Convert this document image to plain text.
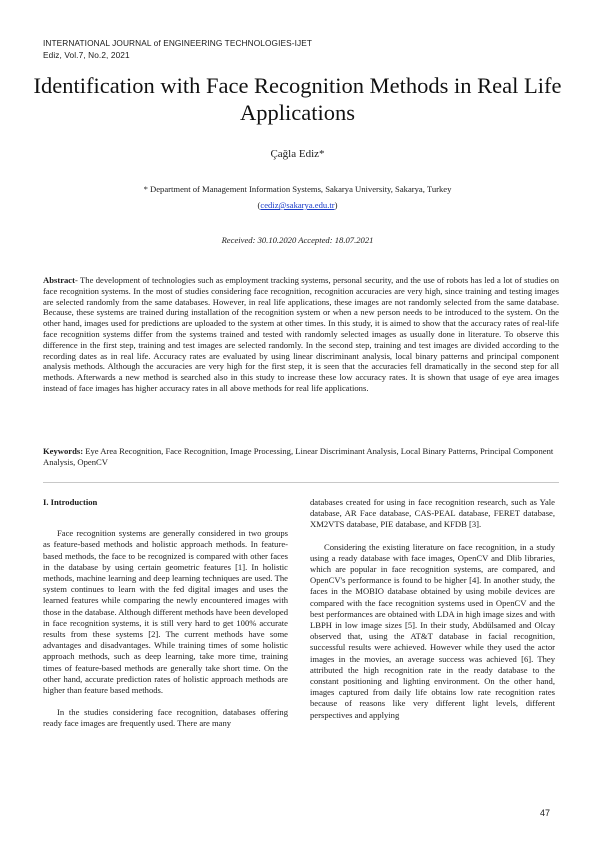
INTERNATIONAL JOURNAL of ENGINEERING TECHNOLOGIES-IJET
Ediz, Vol.7, No.2, 2021
Identification with Face Recognition Methods in Real Life Applications
Çağla Ediz*
* Department of Management Information Systems, Sakarya University, Sakarya, Turkey
(cediz@sakarya.edu.tr)
Received: 30.10.2020 Accepted: 18.07.2021

Abstract- The development of technologies such as employment tracking systems, personal security, and the use of robots has led a lot of studies on face recognition systems. In the most of studies considering face recognition, recognition accuracies are very high, since training and testing images are selected randomly from the same databases. However, in real life applications, these images are not randomly selected from the same database. Because, these systems are trained during installation of the recognition system or when a new person needs to be introduced to the system. On the other hand, images used for predictions are uploaded to the system at other times. In this study, it is aimed to show that the accuracy rates of real-life face recognition systems differ from the systems trained and tested with randomly selected images as usually done in literature. To observe this difference in the first step, training and test images are selected randomly. In the second step, training and test images are divided according to the recording dates as in real life. Accuracy rates are evaluated by using linear discriminant analysis, local binary patterns and principal component analysis methods. Although the accuracies are very high for the first step, it is seen that the accuracies fell dramatically in the second step for all methods. Afterwards a new method is searched also in this study to increase these low accuracy rates. It is shown that usage of eye area images instead of face images has higher accuracy rates in all above methods for real life applications.

Keywords: Eye Area Recognition, Face Recognition, Image Processing, Linear Discriminant Analysis, Local Binary Patterns, Principal Component Analysis, OpenCV

I. Introduction

Face recognition systems are generally considered in two groups as feature-based methods and holistic approach methods. In feature-based methods, the face to be recognized is compared with other faces in the database by using certain geometric features [1]. In holistic methods, machine learning and deep learning techniques are used. The system continues to learn with the fed digital images and uses the learned features while comparing the newly encountered images with those in the database. Although different methods have been developed in face recognition systems, it is still very hard to get 100% accurate results from these systems [2]. The current methods have some advantages and disadvantages. While training times of some holistic approach methods, such as deep learning, take more time, training times of feature-based methods are generally take short time. On the other hand, accurate prediction rates of holistic approach methods are higher than feature based methods.

In the studies considering face recognition, databases offering ready face images are frequently used. There are many

databases created for using in face recognition research, such as Yale database, AR Face database, CAS-PEAL database, FERET database, XM2VTS database, PIE database, and KFDB [3].

Considering the existing literature on face recognition, in a study using a ready database with face images, OpenCV and Dlib libraries, which are popular in face recognition systems, are compared, and OpenCV's performance is found to be higher [4]. In another study, the faces in the MOBIO database obtained by using mobile devices are compared with the face recognition systems used in OpenCV and the best performances are obtained with LDA in high image sizes and with LBPH in low image sizes [5]. In their study, Abdülsamed and Olcay observed that, using the AT&T database in facial recognition, successful results were achieved. However while they used the actor images in the movies, an average success was achieved [6]. They attributed the high recognition rate in the ready database to the constant positioning and lighting environment. On the other hand, images captured from daily life obtains low rate recognition rates because of reasons like very different light levels, different perspectives and applying

47
